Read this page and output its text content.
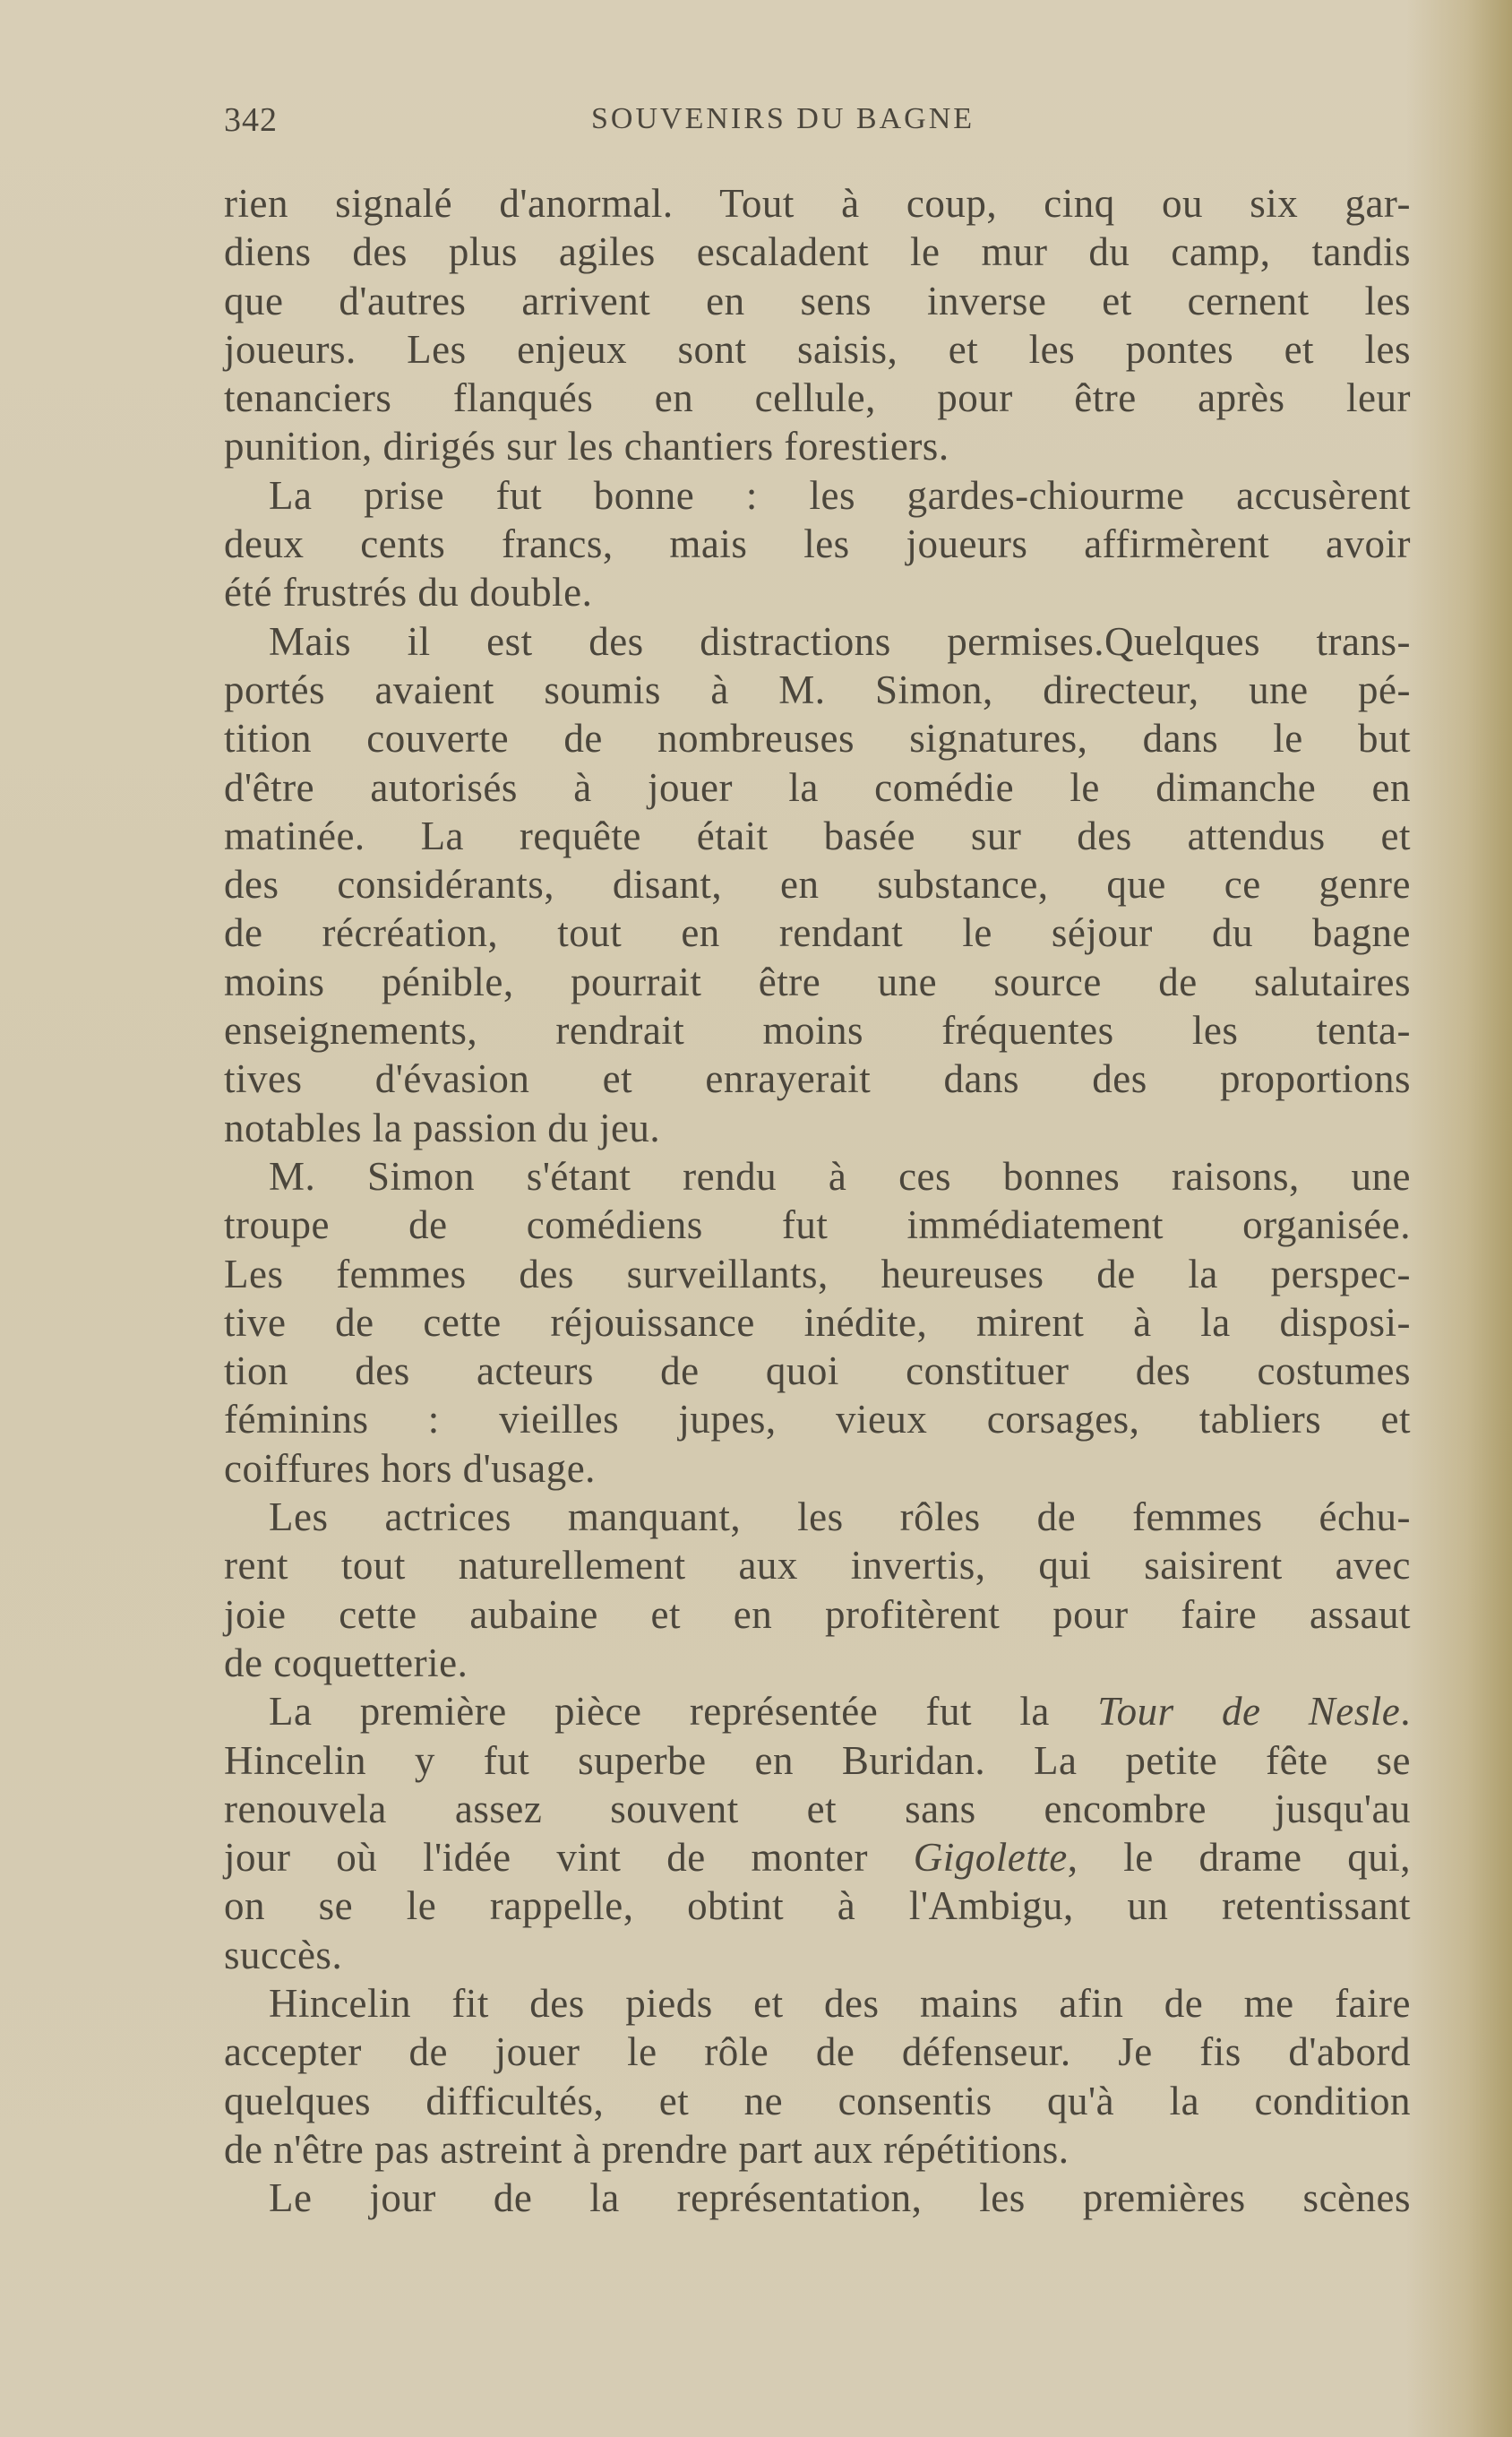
342	SOUVENIRS DU BAGNE
rien signalé d'anormal. Tout à coup, cinq ou six gar-
diens des plus agiles escaladent le mur du camp, tandis
que d'autres arrivent en sens inverse et cernent les
joueurs. Les enjeux sont saisis, et les pontes et les
tenanciers flanqués en cellule, pour être après leur
punition, dirigés sur les chantiers forestiers.
La prise fut bonne : les gardes-chiourme accusèrent
deux cents francs, mais les joueurs affirmèrent avoir
été frustrés du double.
Mais il est des distractions permises.Quelques trans-
portés avaient soumis à M. Simon, directeur, une pé-
tition couverte de nombreuses signatures, dans le but
d'être autorisés à jouer la comédie le dimanche en
matinée. La requête était basée sur des attendus et
des considérants, disant, en substance, que ce genre
de récréation, tout en rendant le séjour du bagne
moins pénible, pourrait être une source de salutaires
enseignements, rendrait moins fréquentes les tenta-
tives d'évasion et enrayerait dans des proportions
notables la passion du jeu.
M. Simon s'étant rendu à ces bonnes raisons, une
troupe de comédiens fut immédiatement organisée.
Les femmes des surveillants, heureuses de la perspec-
tive de cette réjouissance inédite, mirent à la disposi-
tion des acteurs de quoi constituer des costumes
féminins : vieilles jupes, vieux corsages, tabliers et
coiffures hors d'usage.
Les actrices manquant, les rôles de femmes échu-
rent tout naturellement aux invertis, qui saisirent avec
joie cette aubaine et en profitèrent pour faire assaut
de coquetterie.
La première pièce représentée fut la Tour de Nesle.
Hincelin y fut superbe en Buridan. La petite fête se
renouvela assez souvent et sans encombre jusqu'au
jour où l'idée vint de monter Gigolette, le drame qui,
on se le rappelle, obtint à l'Ambigu, un retentissant
succès.
Hincelin fit des pieds et des mains afin de me faire
accepter de jouer le rôle de défenseur. Je fis d'abord
quelques difficultés, et ne consentis qu'à la condition
de n'être pas astreint à prendre part aux répétitions.
Le jour de la représentation, les premières scènes
